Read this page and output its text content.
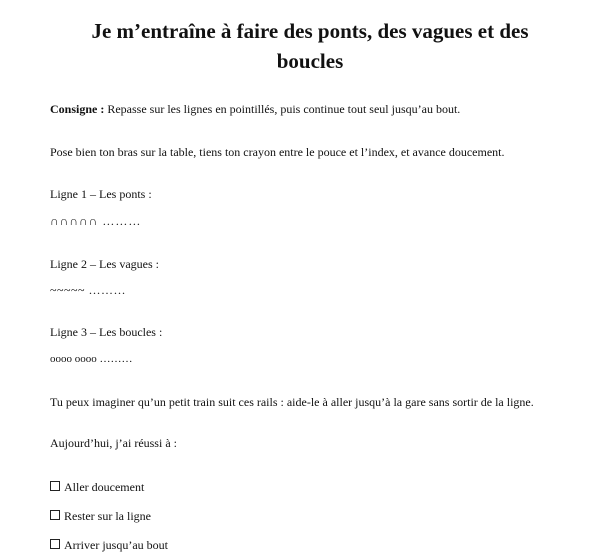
Je m’entraîne à faire des ponts, des vagues et des boucles

Consigne : Repasse sur les lignes en pointillés, puis continue tout seul jusqu’au bout.

Pose bien ton bras sur la table, tiens ton crayon entre le pouce et l’index, et avance doucement.

Ligne 1 – Les ponts :

∩∩∩∩∩ ………

Ligne 2 – Les vagues :

~~~~~ ………

Ligne 3 – Les boucles :

oooo oooo ………

Tu peux imaginer qu’un petit train suit ces rails : aide-le à aller jusqu’à la gare sans sortir de la ligne.

Aujourd’hui, j’ai réussi à :

Aller doucement

Rester sur la ligne

Arriver jusqu’au bout
